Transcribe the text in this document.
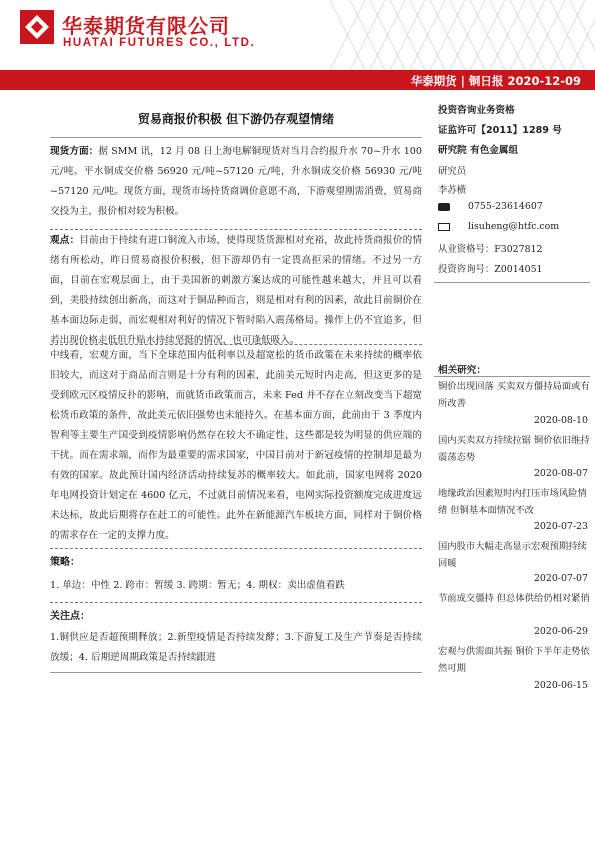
华泰期货有限公司
HUATAI FUTURES CO., LTD.
华泰期货 | 铜日报 2020-12-09
贸易商报价积极 但下游仍存观望情绪
现货方面：据 SMM 讯，12 月 08 日上海电解铜现货对当月合约报升水 70~升水 100 元/吨。平水铜成交价格 56920 元/吨~57120 元/吨，升水铜成交价格 56930 元/吨~57120 元/吨。现货方面，现货市场持货商调价意愿不高，下游观望刚需消费，贸易商交投为主，报价相对较为积极。
观点：目前由于持续有进口铜流入市场，使得现货货源相对充裕，故此持货商报价的情绪有所松动，昨日贸易商报价积极，但下游却仍有一定畏高拒采的情绪。不过另一方面，目前在宏观层面上，由于美国新的刺激方案达成的可能性越来越大，并且可以看到，美股持续创出新高，而这对于铜品种而言，则是相对有利的因素，故此目前铜价在基本面边际走弱，而宏观相对利好的情况下暂时陷入震荡格局。操作上仍不宜追多，但若出现价格走低但升贴水持续坚挺的情况，也可逢低吸入。
中线看，宏观方面，当下全球范围内低利率以及超宽松的货币政策在未来持续的概率依旧较大，而这对于商品而言则是十分有利的因素，此前美元短时内走高，但这更多的是受到欧元区疫情反扑的影响，而就货币政策而言，未来 Fed 并不存在立刻改变当下超宽松货币政策的条件，故此美元依旧强势也未能持久。在基本面方面，此前由于 3 季度内智利等主要生产国受到疫情影响仍然存在较大不确定性，这些都是较为明显的供应端的干扰。而在需求端，而作为最重要的需求国家，中国目前对于新冠疫情的控制却是最为有效的国家。故此预计国内经济活动持续复苏的概率较大。如此前，国家电网将 2020 年电网投资计划定在 4600 亿元，不过就目前情况来看，电网实际投资额度完成进度远未达标，故此后期将存在赶工的可能性。此外在新能源汽车板块方面，同样对于铜价格的需求存在一定的支撑力度。
策略：
1. 单边：中性 2. 跨市：暂缓 3. 跨期：暂无；4. 期权：卖出虚值看跌
关注点：
1.铜供应是否超预期释放；2.新型疫情是否持续发酵；3.下游复工及生产节奏是否持续放缓；4. 后期逆周期政策是否持续跟进
投资咨询业务资格
证监许可【2011】1289 号
研究院 有色金属组
研究员
李苏横
0755-23614607
lisuheng@htfc.com
从业资格号：F3027812
投资咨询号：Z0014051
相关研究：
铜价出现回落 买卖双方僵持局面或有所改善
2020-08-10
国内买卖双方持续拉锯 铜价依旧维持震荡态势
2020-08-07
地缘政治因素短时内打压市场风险情绪 但铜基本面情况不改
2020-07-23
国内股市大幅走高显示宏观预期持续回暖
2020-07-07
节前成交僵持 但总体供给仍相对紧俏
2020-06-29
宏观与供需面共振 铜价下半年走势依然可期
2020-06-15
